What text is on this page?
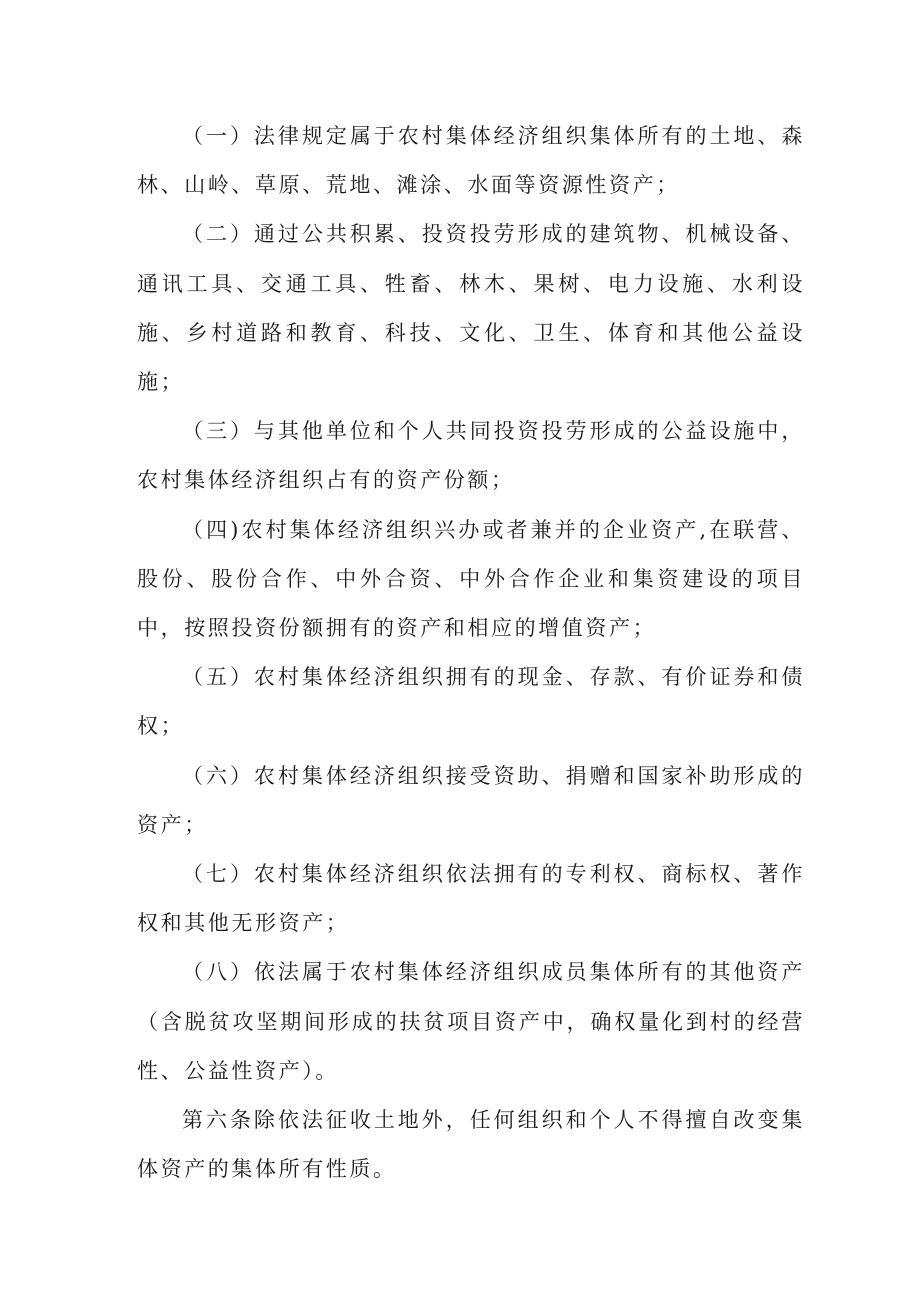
（一）法律规定属于农村集体经济组织集体所有的土地、森林、山岭、草原、荒地、滩涂、水面等资源性资产；

（二）通过公共积累、投资投劳形成的建筑物、机械设备、通讯工具、交通工具、牲畜、林木、果树、电力设施、水利设施、乡村道路和教育、科技、文化、卫生、体育和其他公益设施；

（三）与其他单位和个人共同投资投劳形成的公益设施中，农村集体经济组织占有的资产份额；

（四)农村集体经济组织兴办或者兼并的企业资产,在联营、股份、股份合作、中外合资、中外合作企业和集资建设的项目中，按照投资份额拥有的资产和相应的增值资产；

（五）农村集体经济组织拥有的现金、存款、有价证券和债权；

（六）农村集体经济组织接受资助、捐赠和国家补助形成的资产；

（七）农村集体经济组织依法拥有的专利权、商标权、著作权和其他无形资产；

（八）依法属于农村集体经济组织成员集体所有的其他资产（含脱贫攻坚期间形成的扶贫项目资产中，确权量化到村的经营性、公益性资产）。

第六条除依法征收土地外，任何组织和个人不得擅自改变集体资产的集体所有性质。
